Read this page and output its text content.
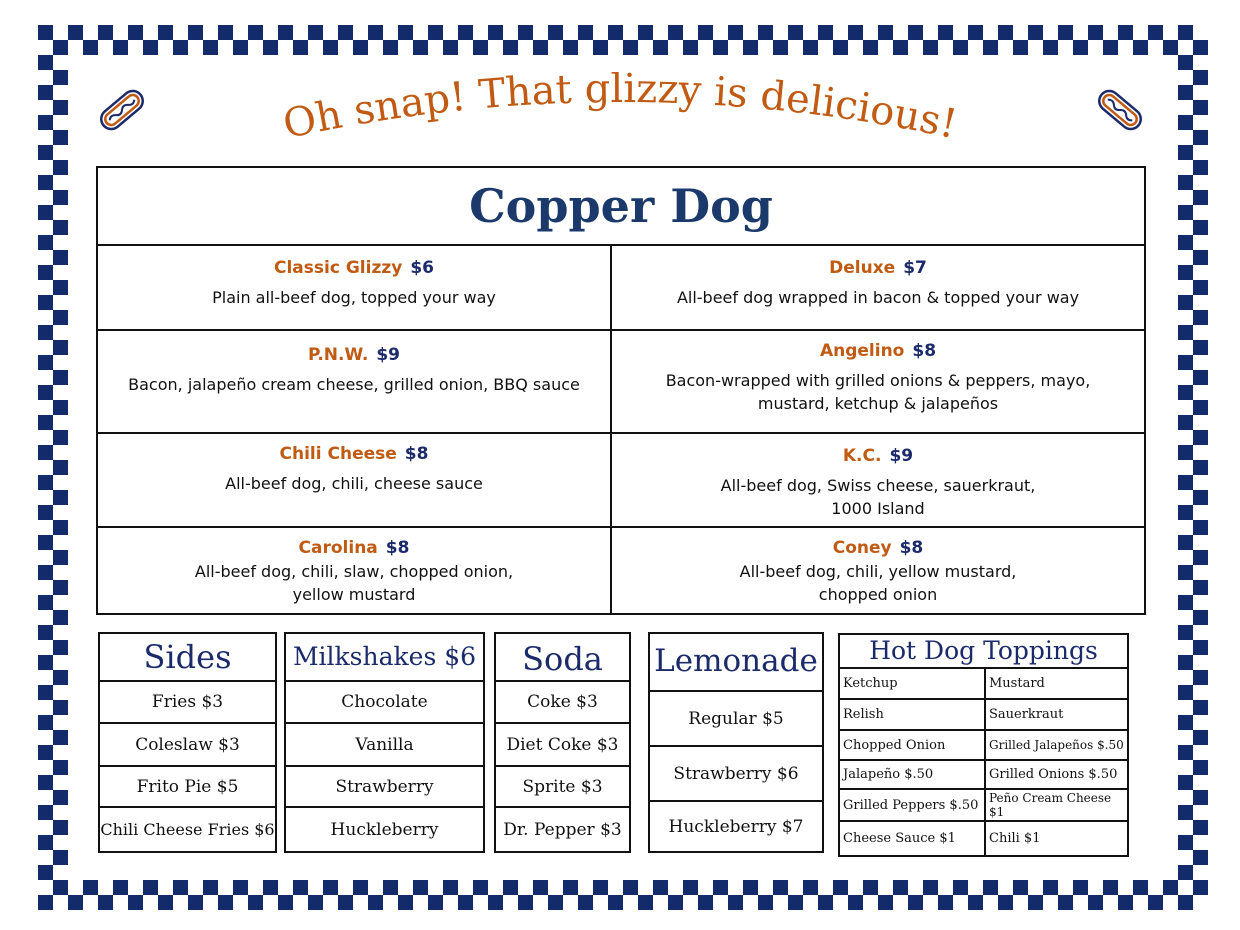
Oh snap! That glizzy is delicious!
Copper Dog
Classic Glizzy $6
Plain all-beef dog, topped your way
Deluxe $7
All-beef dog wrapped in bacon & topped your way
P.N.W. $9
Bacon, jalapeño cream cheese, grilled onion, BBQ sauce
Angelino $8
Bacon-wrapped with grilled onions & peppers, mayo, mustard, ketchup & jalapeños
Chili Cheese $8
All-beef dog, chili, cheese sauce
K.C. $9
All-beef dog, Swiss cheese, sauerkraut, 1000 Island
Carolina $8
All-beef dog, chili, slaw, chopped onion, yellow mustard
Coney $8
All-beef dog, chili, yellow mustard, chopped onion
Sides
Fries $3
Coleslaw $3
Frito Pie $5
Chili Cheese Fries $6
Milkshakes $6
Chocolate
Vanilla
Strawberry
Huckleberry
Soda
Coke $3
Diet Coke $3
Sprite $3
Dr. Pepper $3
Lemonade
Regular $5
Strawberry $6
Huckleberry $7
Hot Dog Toppings
Ketchup	Mustard
Relish	Sauerkraut
Chopped Onion	Grilled Jalapeños $.50
Jalapeño $.50	Grilled Onions $.50
Grilled Peppers $.50 Peño Cream Cheese $1
Cheese Sauce $1	Chili $1
